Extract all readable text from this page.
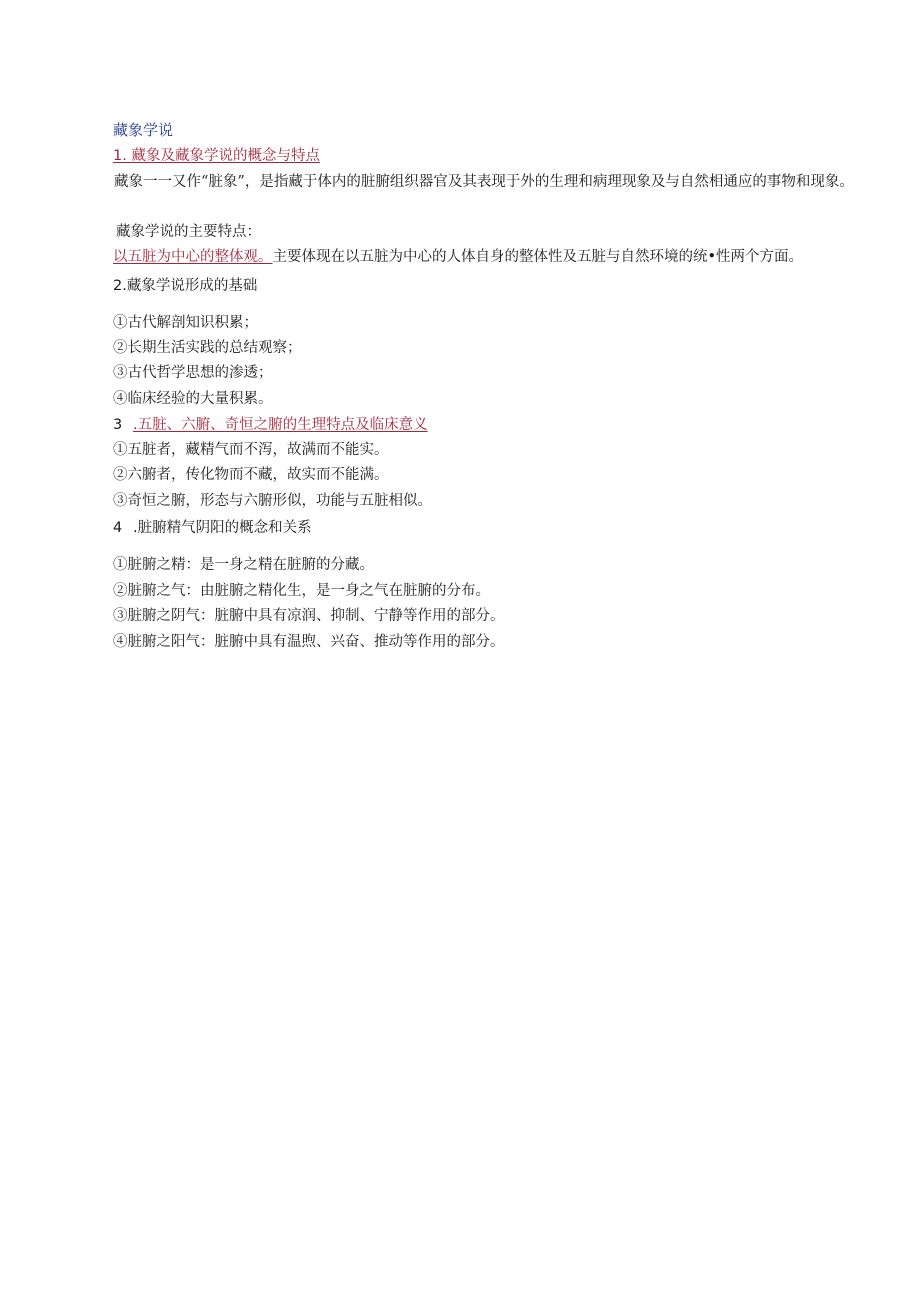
藏象学说
1. 藏象及藏象学说的概念与特点
藏象一一又作“脏象”，是指藏于体内的脏腑组织器官及其表现于外的生理和病理现象及与自然相通应的事物和现象。
藏象学说的主要特点：
以五脏为中心的整体观。主要体现在以五脏为中心的人体自身的整体性及五脏与自然环境的统•性两个方面。
2.藏象学说形成的基础
①古代解剖知识积累；
②长期生活实践的总结观察；
③古代哲学思想的渗透；
④临床经验的大量积累。
3 .五脏、六腑、奇恒之腑的生理特点及临床意义
①五脏者，藏精气而不泻，故满而不能实。
②六腑者，传化物而不藏，故实而不能满。
③奇恒之腑，形态与六腑形似，功能与五脏相似。
4 .脏腑精气阴阳的概念和关系
①脏腑之精：是一身之精在脏腑的分藏。
②脏腑之气：由脏腑之精化生，是一身之气在脏腑的分布。
③脏腑之阴气：脏腑中具有凉润、抑制、宁静等作用的部分。
④脏腑之阳气：脏腑中具有温煦、兴奋、推动等作用的部分。
